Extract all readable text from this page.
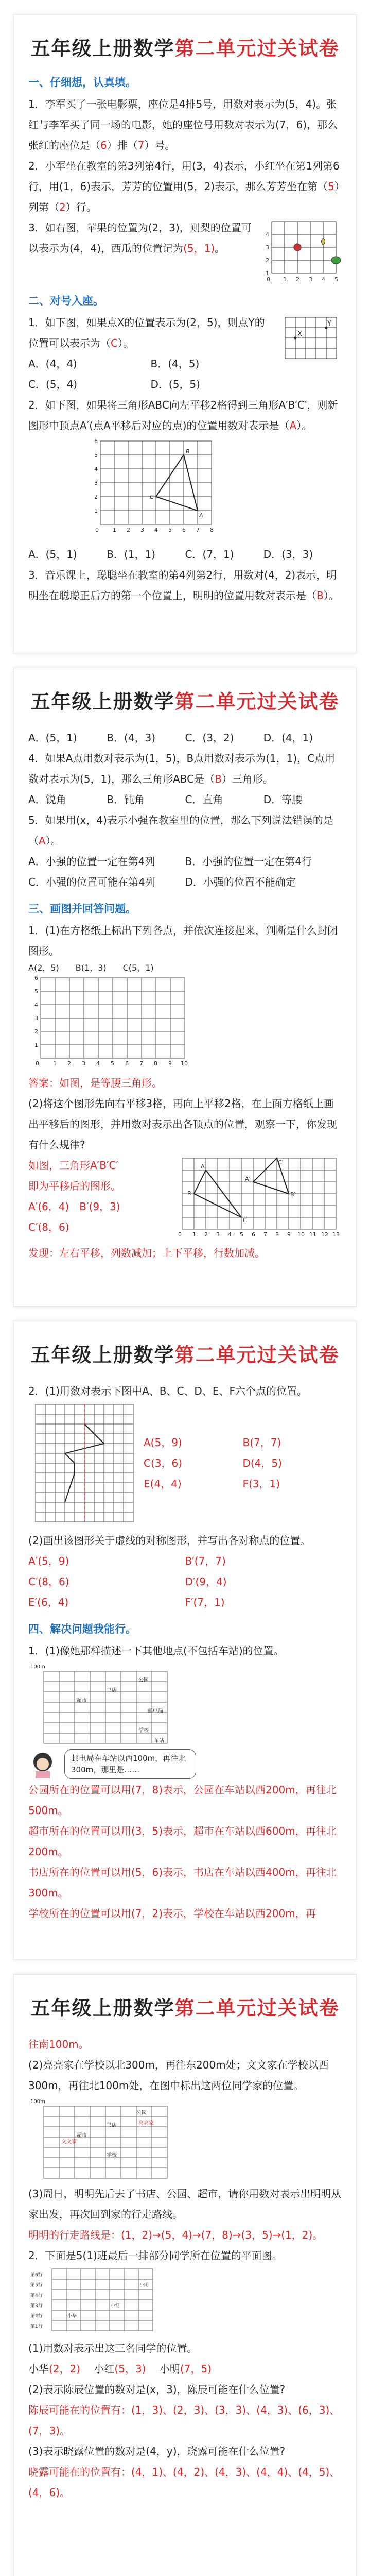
五年级上册数学第二单元过关试卷
一、仔细想，认真填。

1．李军买了一张电影票，座位是4排5号，用数对表示为(5，4)。张红与李军买了同一场的电影，她的座位号用数对表示为(7，6)，那么张红的座位是（6）排（7）号。

2．小军坐在教室的第3列第4行，用(3，4)表示，小红坐在第1列第6行，用(1，6)表示，芳芳的位置用(5，2)表示，那么芳芳坐在第（5）列第（2）行。

3．如右图，苹果的位置为(2，3)，则梨的位置可以表示为(4，4)，西瓜的位置记为(5，1)。

4
3
2
1
0 1 2 3 4 5
二、对号入座。

1．如下图，如果点X的位置表示为(2，5)，则点Y的位置可以表示为（C）。

A．(4，4)	B．(4，5)
C．(5，4)	D．(5，5)
X
Y

2．如下图，如果将三角形ABC向左平移2格得到三角形A′B′C′，则新图形中顶点A′(点A平移后对应的点)的位置用数对表示是（A）。

6
5
4
3
2
1
0 1 2 3 4 5 6 7 8
A
B
C
A．(5，1)	B．(1，1)	C．(7，1)	D．(3，3)

3．音乐课上，聪聪坐在教室的第4列第2行，用数对(4，2)表示，明明坐在聪聪正后方的第一个位置上，明明的位置用数对表示是（B）。

五年级上册数学第二单元过关试卷
A．(5，1)	B．(4，3)	C．(3，2)	D．(4，1)

4．如果A点用数对表示为(1，5)，B点用数对表示为(1，1)，C点用数对表示为(5，1)，那么三角形ABC是（B）三角形。

A．锐角	B．钝角	C．直角	D．等腰

5．如果用(x，4)表示小强在教室里的位置，那么下列说法错误的是（A）。

A．小强的位置一定在第4列	B．小强的位置一定在第4行
C．小强的位置可能在第4列	D．小强的位置不能确定
三、画图并回答问题。

1．(1)在方格纸上标出下列各点，并依次连接起来，判断是什么封闭图形。

A(2，5)　　B(1，3)　　C(5，1)

6
5
4
3
2
1
0 1 2 3 4 5 6 7 8 9 10

答案：如图，是等腰三角形。

(2)将这个图形先向右平移3格，再向上平移2格，在上面方格纸上画出平移后的图形，并用数对表示出各顶点的位置，观察一下，你发现有什么规律?

如图，三角形A′B′C′

即为平移后的图形。

A′(6，4)　B′(9，3)

C′(8，6)

A′
B′
C′
A
B
C
0 1 2 3 4 5 6 7 8 9 10 11 12 13

发现：左右平移，列数减加；上下平移，行数加减。

五年级上册数学第二单元过关试卷

2．(1)用数对表示下图中A、B、C、D、E、F六个点的位置。

A(5，9)	B(7，7)
C(3，6)	D(4，5)
E(4，4)	F(3，1)

(2)画出该图形关于虚线的对称图形，并写出各对称点的位置。

A′(5，9)	B′(7，7)
C′(8，6)	D′(9，4)
E′(6，4)	F′(7，1)
四、解决问题我能行。

1．(1)像她那样描述一下其他地点(不包括车站)的位置。

100m
公园
书店
超市
邮电局
学校
车站
邮电局在车站以西100m，再往北300m，那里是……

公园所在的位置可以用(7，8)表示，公园在车站以西200m，再往北500m。

超市所在的位置可以用(3，5)表示，超市在车站以西600m，再往北200m。

书店所在的位置可以用(5，6)表示，书店在车站以西400m，再往北300m。

学校所在的位置可以用(7，2)表示，学校在车站以西200m，再

五年级上册数学第二单元过关试卷

往南100m。

(2)亮亮家在学校以北300m，再往东200m处；文文家在学校以西300m，再往北100m处，在图中标出这两位同学家的位置。

100m
文文家
亮亮家
学校
书店
公园
超市

(3)周日，明明先后去了书店、公园、超市，请你用数对表示出明明从家出发，再次回到家的行走路线。

明明的行走路线是：(1，2)→(5，4)→(7，8)→(3，5)→(1，2)。

2．下面是5(1)班最后一排部分同学所在位置的平面图。

第6行
第5行
第4行
第3行
第2行
第1行
小华
小红
小明

(1)用数对表示出这三名同学的位置。

小华(2，2)　 小红(5，3)　 小明(7，5)

(2)表示陈辰位置的数对是(x，3)，陈辰可能在什么位置?

陈辰可能在的位置有：(1，3)、(2，3)、(3，3)、(4，3)、(6，3)、(7，3)。

(3)表示晓露位置的数对是(4，y)，晓露可能在什么位置?

晓露可能在的位置有：(4，1)、(4，2)、(4，3)、(4，4)、(4，5)、(4，6)。
